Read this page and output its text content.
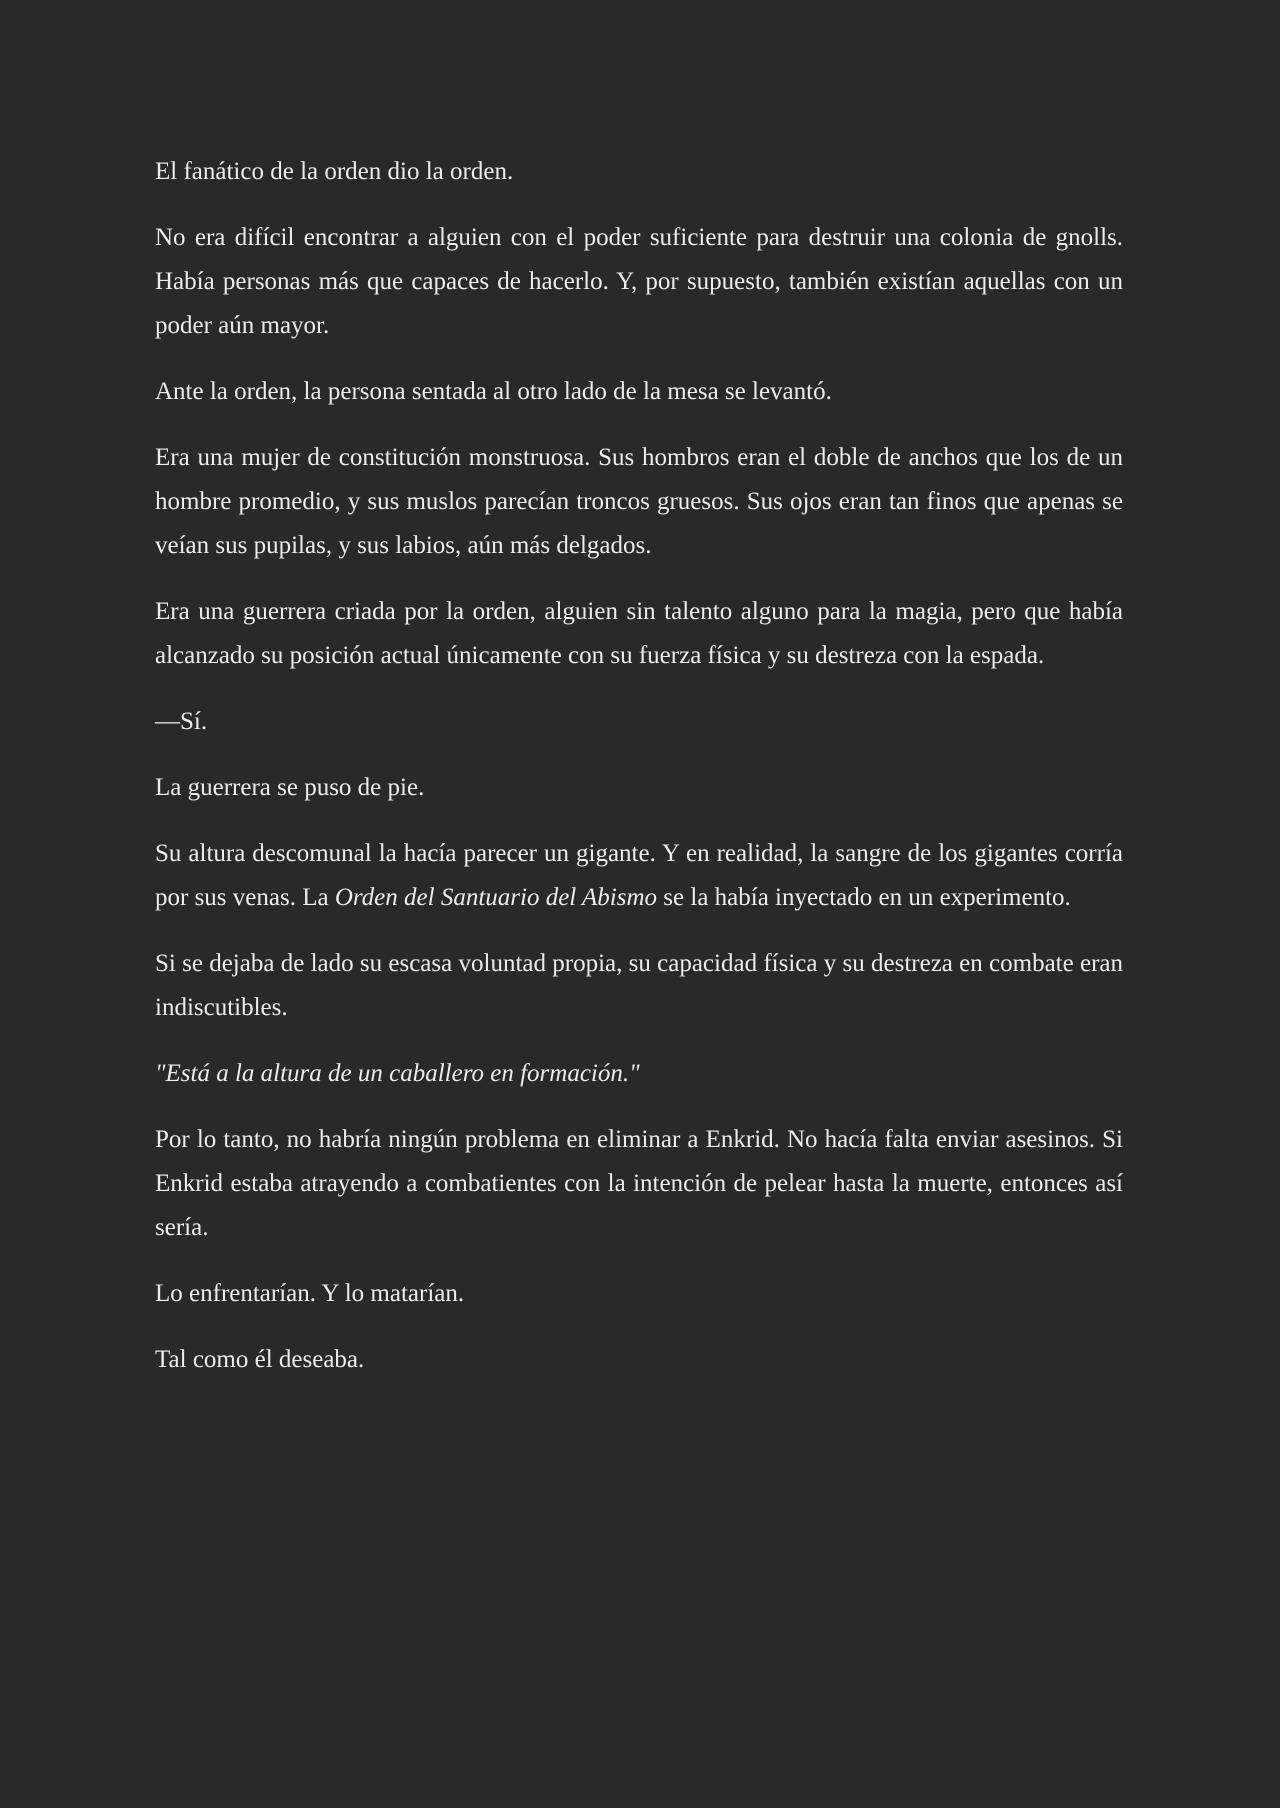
El fanático de la orden dio la orden.

No era difícil encontrar a alguien con el poder suficiente para destruir una colonia de gnolls. Había personas más que capaces de hacerlo. Y, por supuesto, también existían aquellas con un poder aún mayor.

Ante la orden, la persona sentada al otro lado de la mesa se levantó.

Era una mujer de constitución monstruosa. Sus hombros eran el doble de anchos que los de un hombre promedio, y sus muslos parecían troncos gruesos. Sus ojos eran tan finos que apenas se veían sus pupilas, y sus labios, aún más delgados.

Era una guerrera criada por la orden, alguien sin talento alguno para la magia, pero que había alcanzado su posición actual únicamente con su fuerza física y su destreza con la espada.

—Sí.

La guerrera se puso de pie.

Su altura descomunal la hacía parecer un gigante. Y en realidad, la sangre de los gigantes corría por sus venas. La Orden del Santuario del Abismo se la había inyectado en un experimento.

Si se dejaba de lado su escasa voluntad propia, su capacidad física y su destreza en combate eran indiscutibles.

"Está a la altura de un caballero en formación."

Por lo tanto, no habría ningún problema en eliminar a Enkrid. No hacía falta enviar asesinos. Si Enkrid estaba atrayendo a combatientes con la intención de pelear hasta la muerte, entonces así sería.

Lo enfrentarían. Y lo matarían.

Tal como él deseaba.
